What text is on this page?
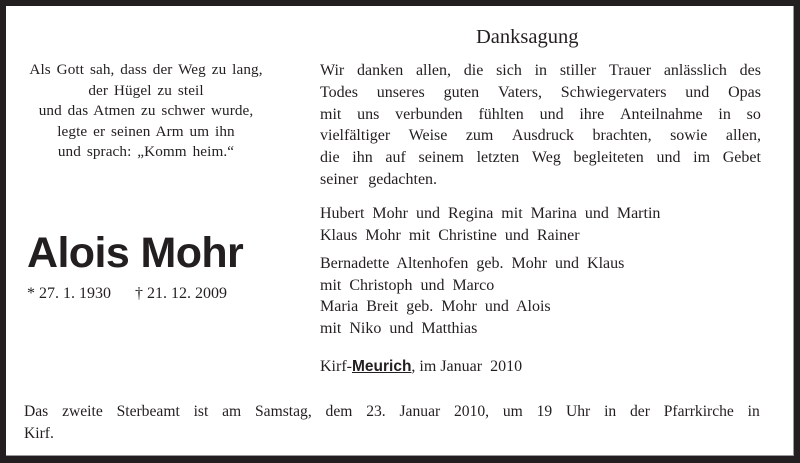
Als Gott sah, dass der Weg zu lang,
der Hügel zu steil
und das Atmen zu schwer wurde,
legte er seinen Arm um ihn
und sprach: „Komm heim.“
Alois Mohr
* 27. 1. 1930 † 21. 12. 2009
Danksagung
Wir danken allen, die sich in stiller Trauer anlässlich des
Todes unseres guten Vaters, Schwiegervaters und Opas
mit uns verbunden fühlten und ihre Anteilnahme in so
vielfältiger Weise zum Ausdruck brachten, sowie allen,
die ihn auf seinem letzten Weg begleiteten und im Gebet
seiner gedachten.
Hubert Mohr und Regina mit Marina und Martin
Klaus Mohr mit Christine und Rainer
Bernadette Altenhofen geb. Mohr und Klaus
mit Christoph und Marco
Maria Breit geb. Mohr und Alois
mit Niko und Matthias
Kirf-Meurich, im Januar  2010
Das zweite Sterbeamt ist am Samstag, dem 23. Januar 2010, um 19 Uhr in der Pfarrkirche in
Kirf.
